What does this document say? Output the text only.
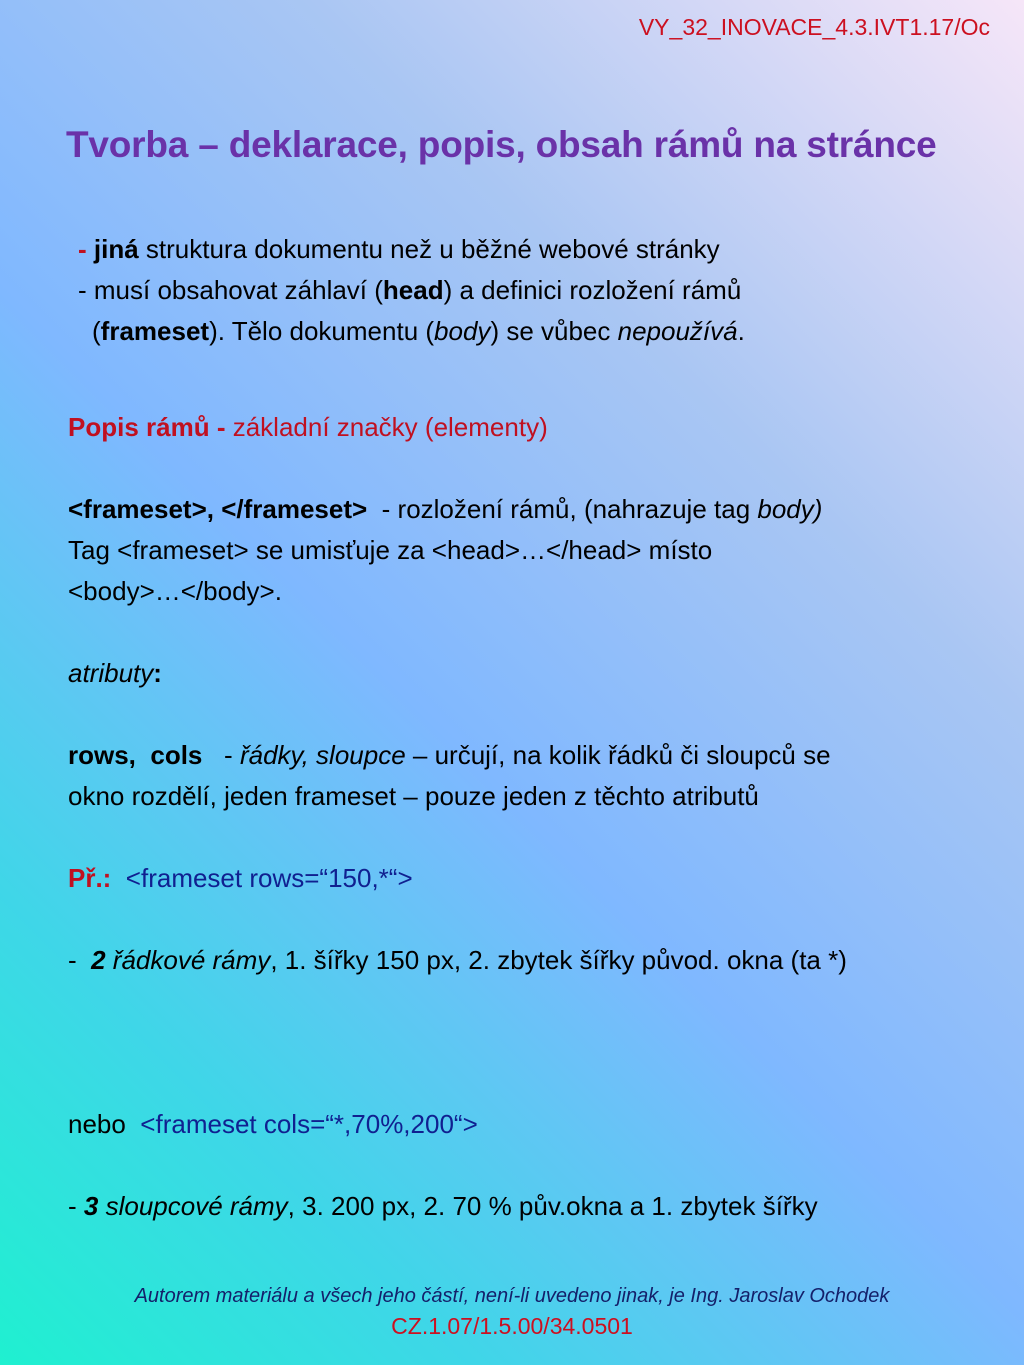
VY_32_INOVACE_4.3.IVT1.17/Oc
Tvorba – deklarace, popis, obsah rámů na stránce
- jiná struktura dokumentu než u běžné webové stránky
- musí obsahovat záhlaví (head) a definici rozložení rámů
(frameset). Tělo dokumentu (body) se vůbec nepoužívá.
Popis rámů - základní značky (elementy)
<frameset>, </frameset>  - rozložení rámů, (nahrazuje tag body)
Tag <frameset> se umisťuje za <head>…</head> místo
<body>…</body>.
atributy:
rows,  cols   - řádky, sloupce – určují, na kolik řádků či sloupců se
okno rozdělí, jeden frameset – pouze jeden z těchto atributů
Př.:  <frameset rows=“150,*“>
-  2 řádkové rámy, 1. šířky 150 px, 2. zbytek šířky původ. okna (ta *)
nebo  <frameset cols=“*,70%,200“>
- 3 sloupcové rámy, 3. 200 px, 2. 70 % pův.okna a 1. zbytek šířky
Autorem materiálu a všech jeho částí, není-li uvedeno jinak, je Ing. Jaroslav Ochodek
CZ.1.07/1.5.00/34.0501
